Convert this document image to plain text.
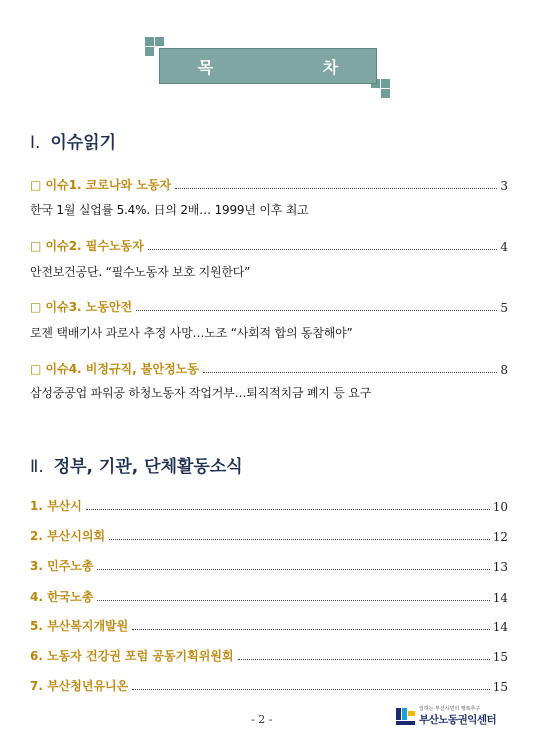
목 차
Ⅰ. 이슈읽기
□ 이슈1. 코로나와 노동자	3
한국 1월 실업률 5.4%. 日의 2배… 1999년 이후 최고
□ 이슈2. 필수노동자	4
안전보건공단. “필수노동자 보호 지원한다”
□ 이슈3. 노동안전	5
로젠 택배기사 과로사 추정 사망…노조 “사회적 합의 동참해야”
□ 이슈4. 비정규직, 불안정노동	8
삼성중공업 파워공 하청노동자 작업거부…퇴직적치금 폐지 등 요구
Ⅱ. 정부, 기관, 단체활동소식
1. 부산시	10
2. 부산시의회	12
3. 민주노총	13
4. 한국노총	14
5. 부산복지개발원	14
6. 노동자 건강권 포럼 공동기획위원회	15
7. 부산청년유니온	15
- 2 -
일하는 부산시민의 행복추구
부산노동권익센터
